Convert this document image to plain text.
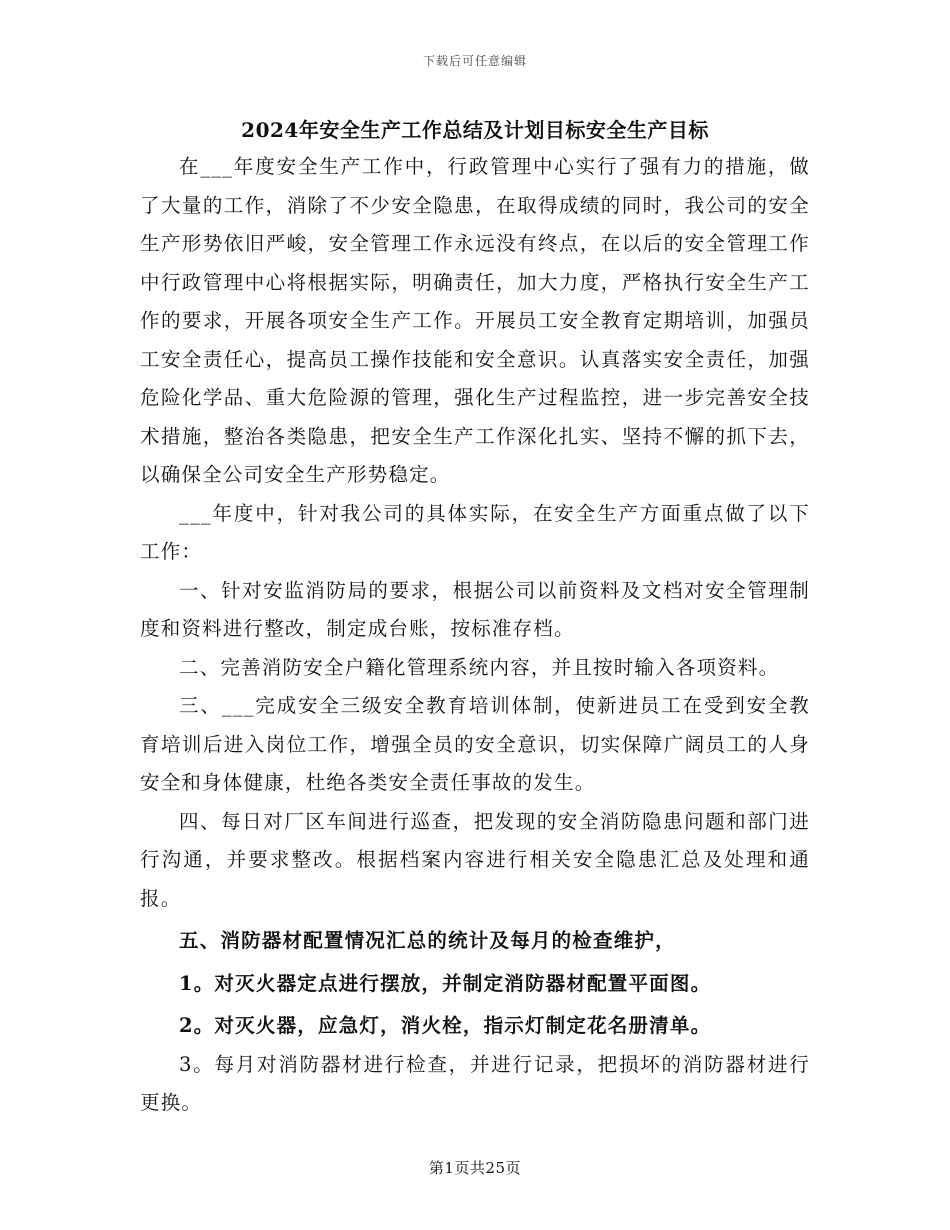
下载后可任意编辑
2024年安全生产工作总结及计划目标安全生产目标

在___年度安全生产工作中，行政管理中心实行了强有力的措施，做了大量的工作，消除了不少安全隐患，在取得成绩的同时，我公司的安全生产形势依旧严峻，安全管理工作永远没有终点，在以后的安全管理工作中行政管理中心将根据实际，明确责任，加大力度，严格执行安全生产工作的要求，开展各项安全生产工作。开展员工安全教育定期培训，加强员工安全责任心，提高员工操作技能和安全意识。认真落实安全责任，加强危险化学品、重大危险源的管理，强化生产过程监控，进一步完善安全技术措施，整治各类隐患，把安全生产工作深化扎实、坚持不懈的抓下去，以确保全公司安全生产形势稳定。

___年度中，针对我公司的具体实际，在安全生产方面重点做了以下工作：

一、针对安监消防局的要求，根据公司以前资料及文档对安全管理制度和资料进行整改，制定成台账，按标准存档。

二、完善消防安全户籍化管理系统内容，并且按时输入各项资料。

三、___完成安全三级安全教育培训体制，使新进员工在受到安全教育培训后进入岗位工作，增强全员的安全意识，切实保障广阔员工的人身安全和身体健康，杜绝各类安全责任事故的发生。

四、每日对厂区车间进行巡查，把发现的安全消防隐患问题和部门进行沟通，并要求整改。根据档案内容进行相关安全隐患汇总及处理和通报。

五、消防器材配置情况汇总的统计及每月的检查维护，

1。对灭火器定点进行摆放，并制定消防器材配置平面图。

2。对灭火器，应急灯，消火栓，指示灯制定花名册清单。

3。每月对消防器材进行检查，并进行记录，把损坏的消防器材进行更换。

第1页共25页
